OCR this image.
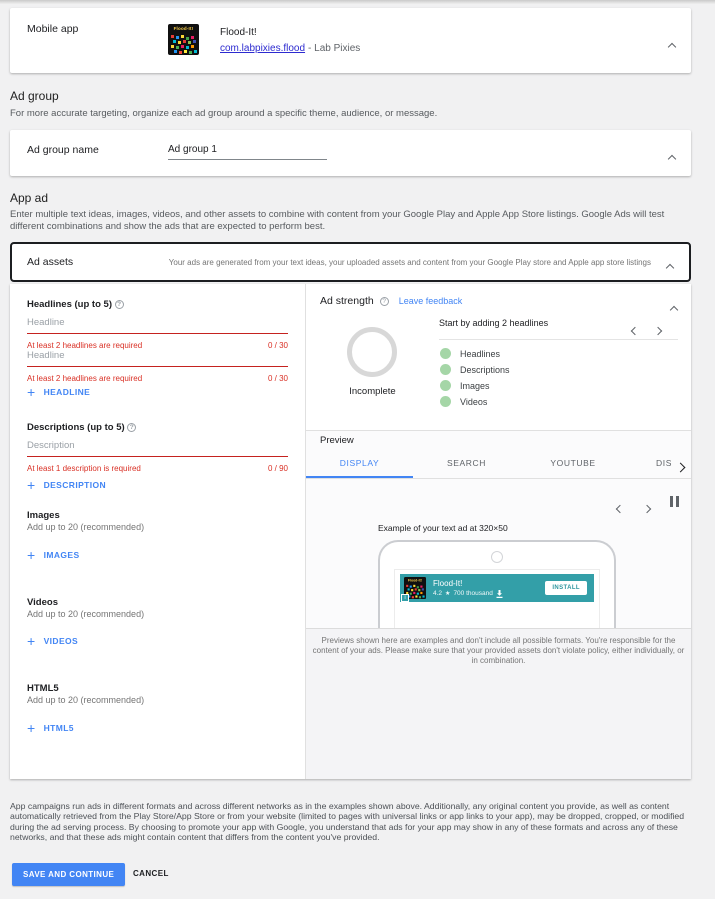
Mobile app	Flood-It!	Flood-It!
com.labpixies.flood - Lab Pixies
Ad group
For more accurate targeting, organize each ad group around a specific theme, audience, or message.
Ad group name
Ad group 1
App ad
Enter multiple text ideas, images, videos, and other assets to combine with content from your Google Play and Apple App Store listings. Google Ads will test different combinations and show the ads that are expected to perform best.
Ad assets	Your ads are generated from your text ideas, your uploaded assets and content from your Google Play store and Apple app store listings
Headlines (up to 5) ?
Headline
At least 2 headlines are required	0 / 30
Headline
At least 2 headlines are required	0 / 30
+
HEADLINE
Descriptions (up to 5) ?
Description
At least 1 description is required	0 / 90
+
DESCRIPTION
Images
Add up to 20 (recommended)
+
IMAGES
Videos
Add up to 20 (recommended)
+
VIDEOS
HTML5
Add up to 20 (recommended)
+
HTML5
Ad strength ?	Leave feedback
Incomplete
Start by adding 2 headlines
Headlines
Descriptions
Images
Videos
Preview
DISPLAY	SEARCH	YOUTUBE	DIS
Example of your text ad at 320×50
Flood-It!
i	Flood-It!
4.2 ★ 700 thousand
INSTALL
Previews shown here are examples and don't include all possible formats. You're responsible for the content of your ads. Please make sure that your provided assets don't violate policy, either individually, or in combination.
App campaigns run ads in different formats and across different networks as in the examples shown above. Additionally, any original content you provide, as well as content automatically retrieved from the Play Store/App Store or from your website (limited to pages with universal links or app links to your app), may be dropped, cropped, or modified during the ad serving process. By choosing to promote your app with Google, you understand that ads for your app may show in any of these formats and across any of these networks, and that these ads might contain content that differs from the content you've provided.
SAVE AND CONTINUE	CANCEL
